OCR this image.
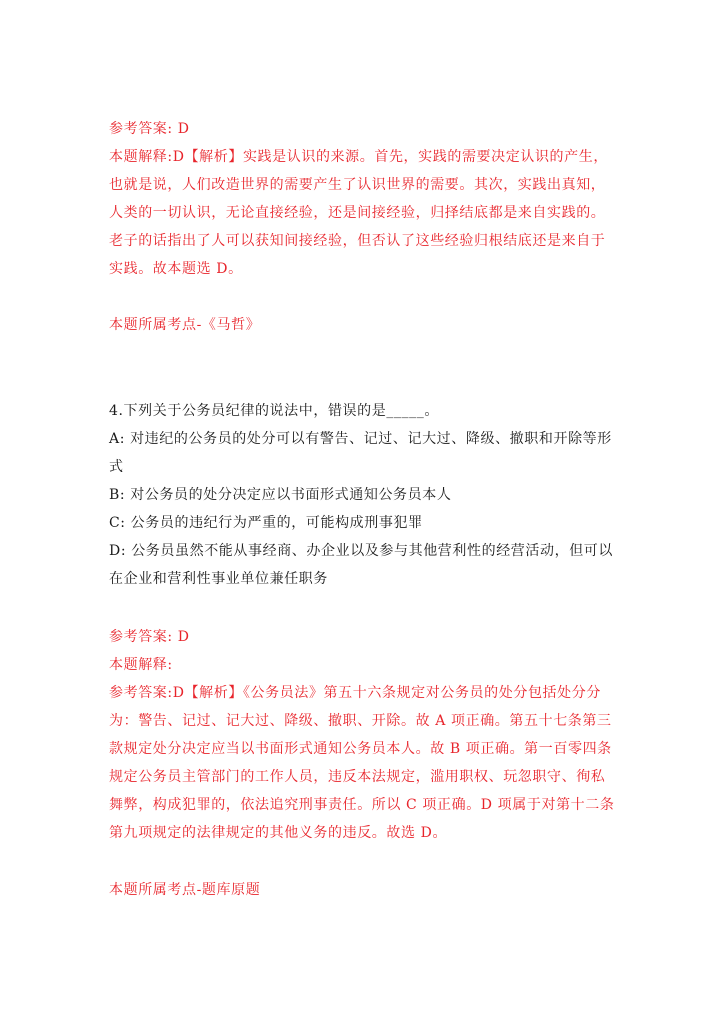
参考答案: D
本题解释:D【解析】实践是认识的来源。首先，实践的需要决定认识的产生，
也就是说，人们改造世界的需要产生了认识世界的需要。其次，实践出真知，
人类的一切认识，无论直接经验，还是间接经验，归择结底都是来自实践的。
老子的话指出了人可以获知间接经验，但否认了这些经验归根结底还是来自于
实践。故本题选 D。
本题所属考点-《马哲》
4.下列关于公务员纪律的说法中，错误的是_____。
A: 对违纪的公务员的处分可以有警告、记过、记大过、降级、撤职和开除等形
式
B: 对公务员的处分决定应以书面形式通知公务员本人
C: 公务员的违纪行为严重的，可能构成刑事犯罪
D: 公务员虽然不能从事经商、办企业以及参与其他营利性的经营活动，但可以
在企业和营利性事业单位兼任职务
参考答案: D
本题解释:
参考答案:D【解析】《公务员法》第五十六条规定对公务员的处分包括处分分
为：警告、记过、记大过、降级、撤职、开除。故 A 项正确。第五十七条第三
款规定处分决定应当以书面形式通知公务员本人。故 B 项正确。第一百零四条
规定公务员主管部门的工作人员，违反本法规定，滥用职权、玩忽职守、徇私
舞弊，构成犯罪的，依法追究刑事责任。所以 C 项正确。D 项属于对第十二条
第九项规定的法律规定的其他义务的违反。故选 D。
本题所属考点-题库原题
